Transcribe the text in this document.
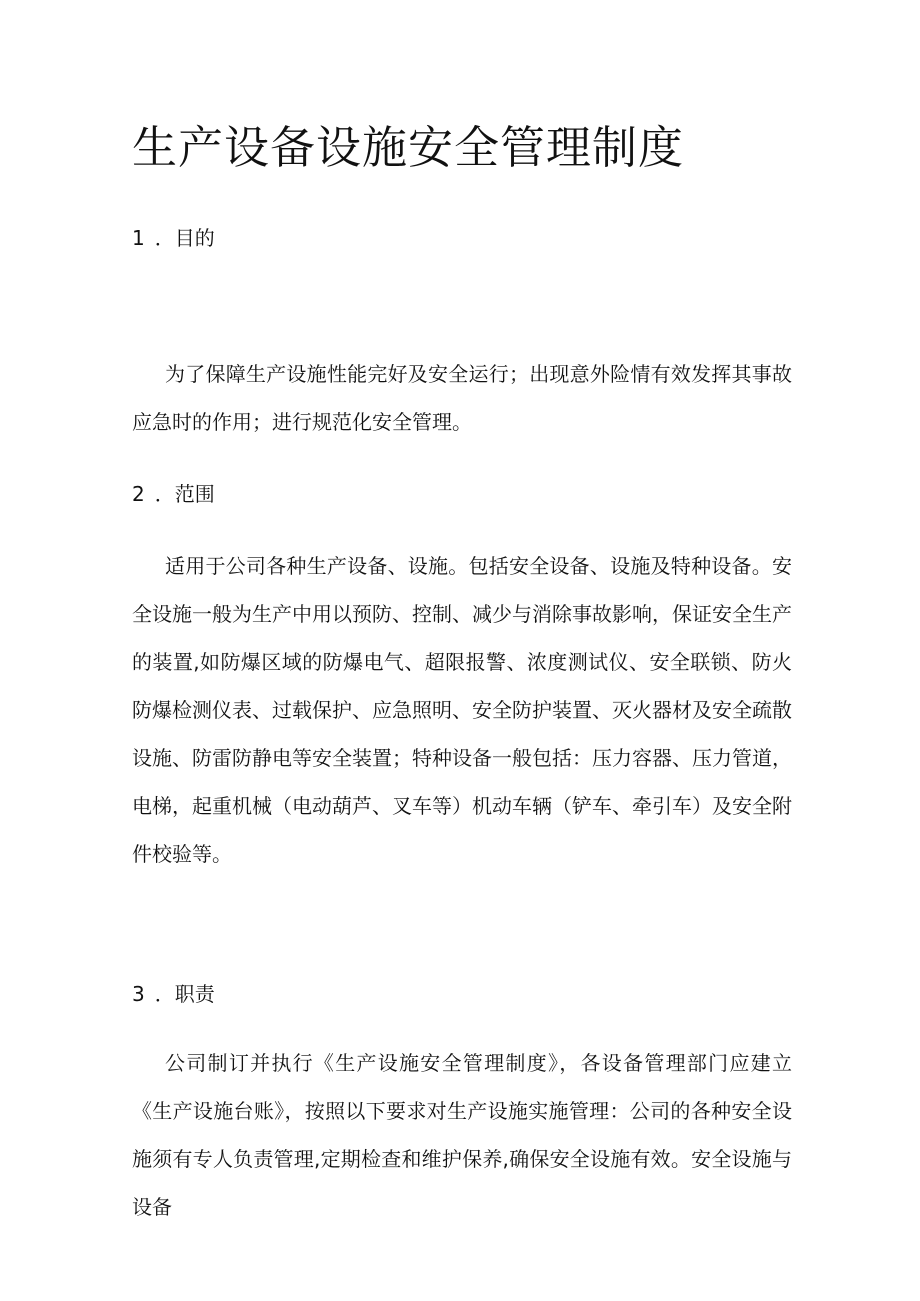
生产设备设施安全管理制度
1 ．目的

为了保障生产设施性能完好及安全运行；出现意外险情有效发挥其事故应急时的作用；进行规范化安全管理。

2 ．范围

适用于公司各种生产设备、设施。包括安全设备、设施及特种设备。安全设施一般为生产中用以预防、控制、减少与消除事故影响，保证安全生产的装置,如防爆区域的防爆电气、超限报警、浓度测试仪、安全联锁、防火防爆检测仪表、过载保护、应急照明、安全防护装置、灭火器材及安全疏散设施、防雷防静电等安全装置；特种设备一般包括：压力容器、压力管道，电梯，起重机械（电动葫芦、叉车等）机动车辆（铲车、牵引车）及安全附件校验等。

3 ．职责

公司制订并执行《生产设施安全管理制度》，各设备管理部门应建立《生产设施台账》，按照以下要求对生产设施实施管理：公司的各种安全设施须有专人负责管理,定期检查和维护保养,确保安全设施有效。安全设施与设备
